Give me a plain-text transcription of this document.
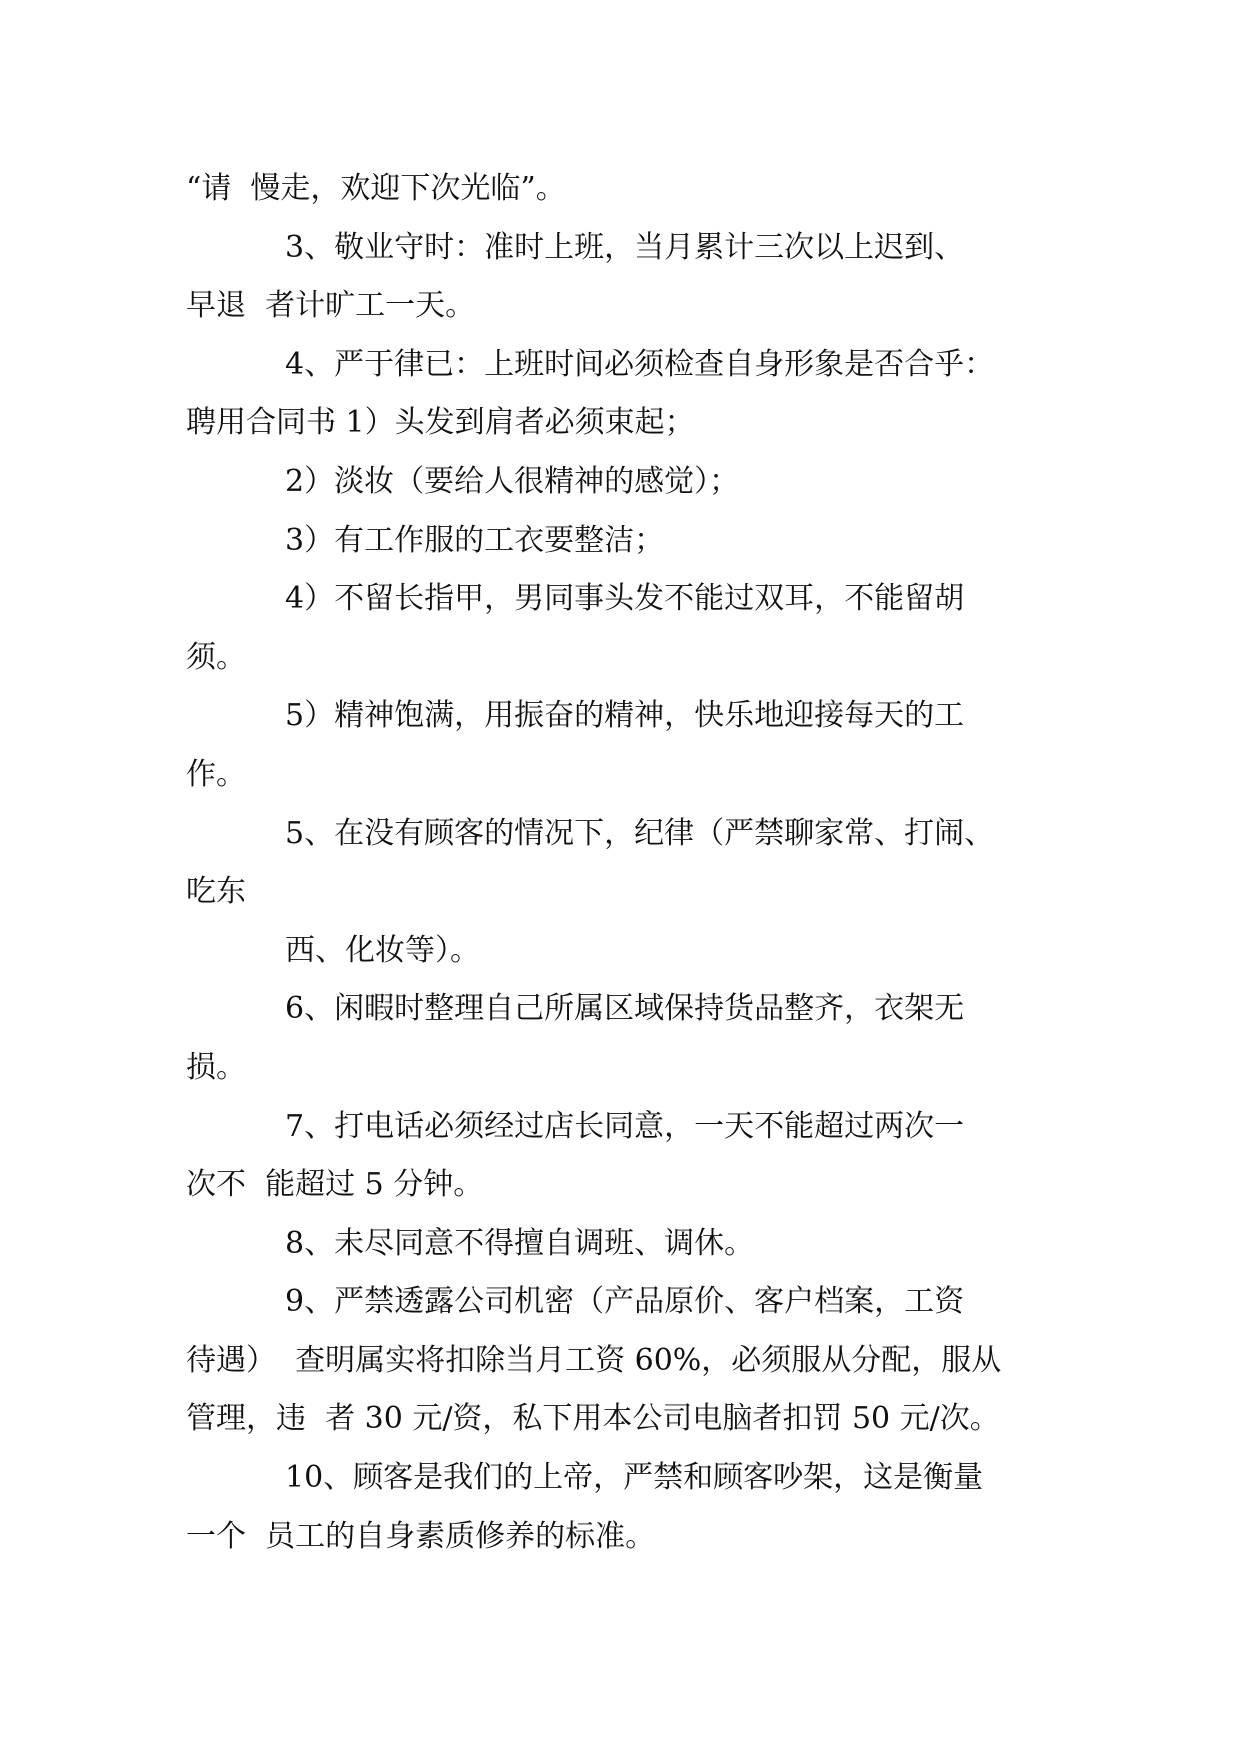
“请  慢走，欢迎下次光临”。
3、敬业守时：准时上班，当月累计三次以上迟到、
早退  者计旷工一天。
4、严于律已：上班时间必须检查自身形象是否合乎：
聘用合同书 1）头发到肩者必须束起；
2）淡妆（要给人很精神的感觉）；
3）有工作服的工衣要整洁；
4）不留长指甲，男同事头发不能过双耳，不能留胡
须。
5）精神饱满，用振奋的精神，快乐地迎接每天的工
作。
5、在没有顾客的情况下，纪律（严禁聊家常、打闹、
吃东
西、化妆等）。
6、闲暇时整理自己所属区域保持货品整齐，衣架无
损。
7、打电话必须经过店长同意，一天不能超过两次一
次不  能超过 5 分钟。
8、未尽同意不得擅自调班、调休。
9、严禁透露公司机密（产品原价、客户档案，工资
待遇）  查明属实将扣除当月工资 60%，必须服从分配，服从
管理，违  者 30 元/资，私下用本公司电脑者扣罚 50 元/次。
10、顾客是我们的上帝，严禁和顾客吵架，这是衡量
一个  员工的自身素质修养的标准。
